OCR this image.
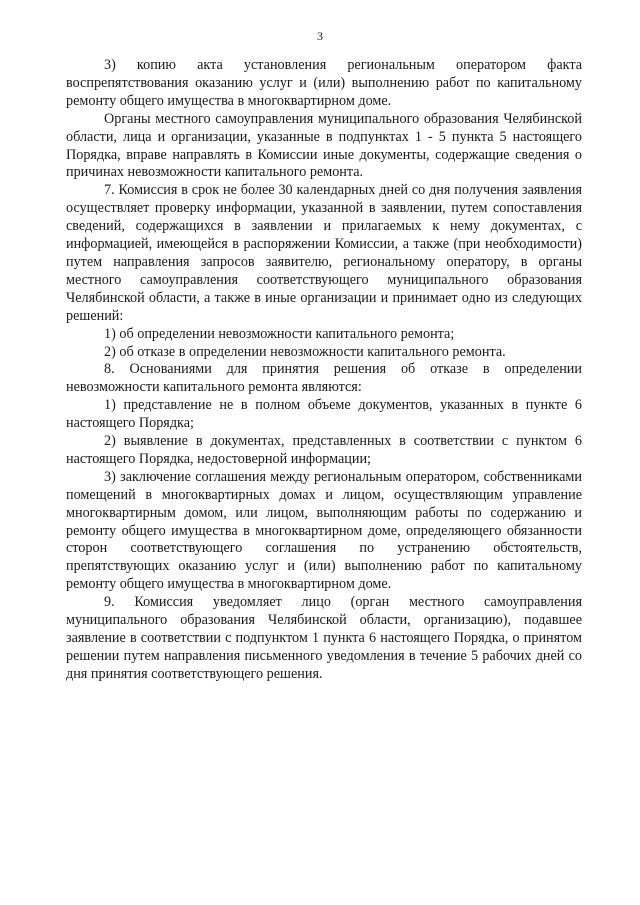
3

3) копию акта установления региональным оператором факта воспрепятствования оказанию услуг и (или) выполнению работ по капитальному ремонту общего имущества в многоквартирном доме.

Органы местного самоуправления муниципального образования Челябинской области, лица и организации, указанные в подпунктах 1 - 5 пункта 5 настоящего Порядка, вправе направлять в Комиссии иные документы, содержащие сведения о причинах невозможности капитального ремонта.

7. Комиссия в срок не более 30 календарных дней со дня получения заявления осуществляет проверку информации, указанной в заявлении, путем сопоставления сведений, содержащихся в заявлении и прилагаемых к нему документах, с информацией, имеющейся в распоряжении Комиссии, а также (при необходимости) путем направления запросов заявителю, региональному оператору, в органы местного самоуправления соответствующего муниципального образования Челябинской области, а также в иные организации и принимает одно из следующих решений:

1) об определении невозможности капитального ремонта;

2) об отказе в определении невозможности капитального ремонта.

8. Основаниями для принятия решения об отказе в определении невозможности капитального ремонта являются:

1) представление не в полном объеме документов, указанных в пункте 6 настоящего Порядка;

2) выявление в документах, представленных в соответствии с пунктом 6 настоящего Порядка, недостоверной информации;

3) заключение соглашения между региональным оператором, собственниками помещений в многоквартирных домах и лицом, осуществляющим управление многоквартирным домом, или лицом, выполняющим работы по содержанию и ремонту общего имущества в многоквартирном доме, определяющего обязанности сторон соответствующего соглашения по устранению обстоятельств, препятствующих оказанию услуг и (или) выполнению работ по капитальному ремонту общего имущества в многоквартирном доме.

9. Комиссия уведомляет лицо (орган местного самоуправления муниципального образования Челябинской области, организацию), подавшее заявление в соответствии с подпунктом 1 пункта 6 настоящего Порядка, о принятом решении путем направления письменного уведомления в течение 5 рабочих дней со дня принятия соответствующего решения.
